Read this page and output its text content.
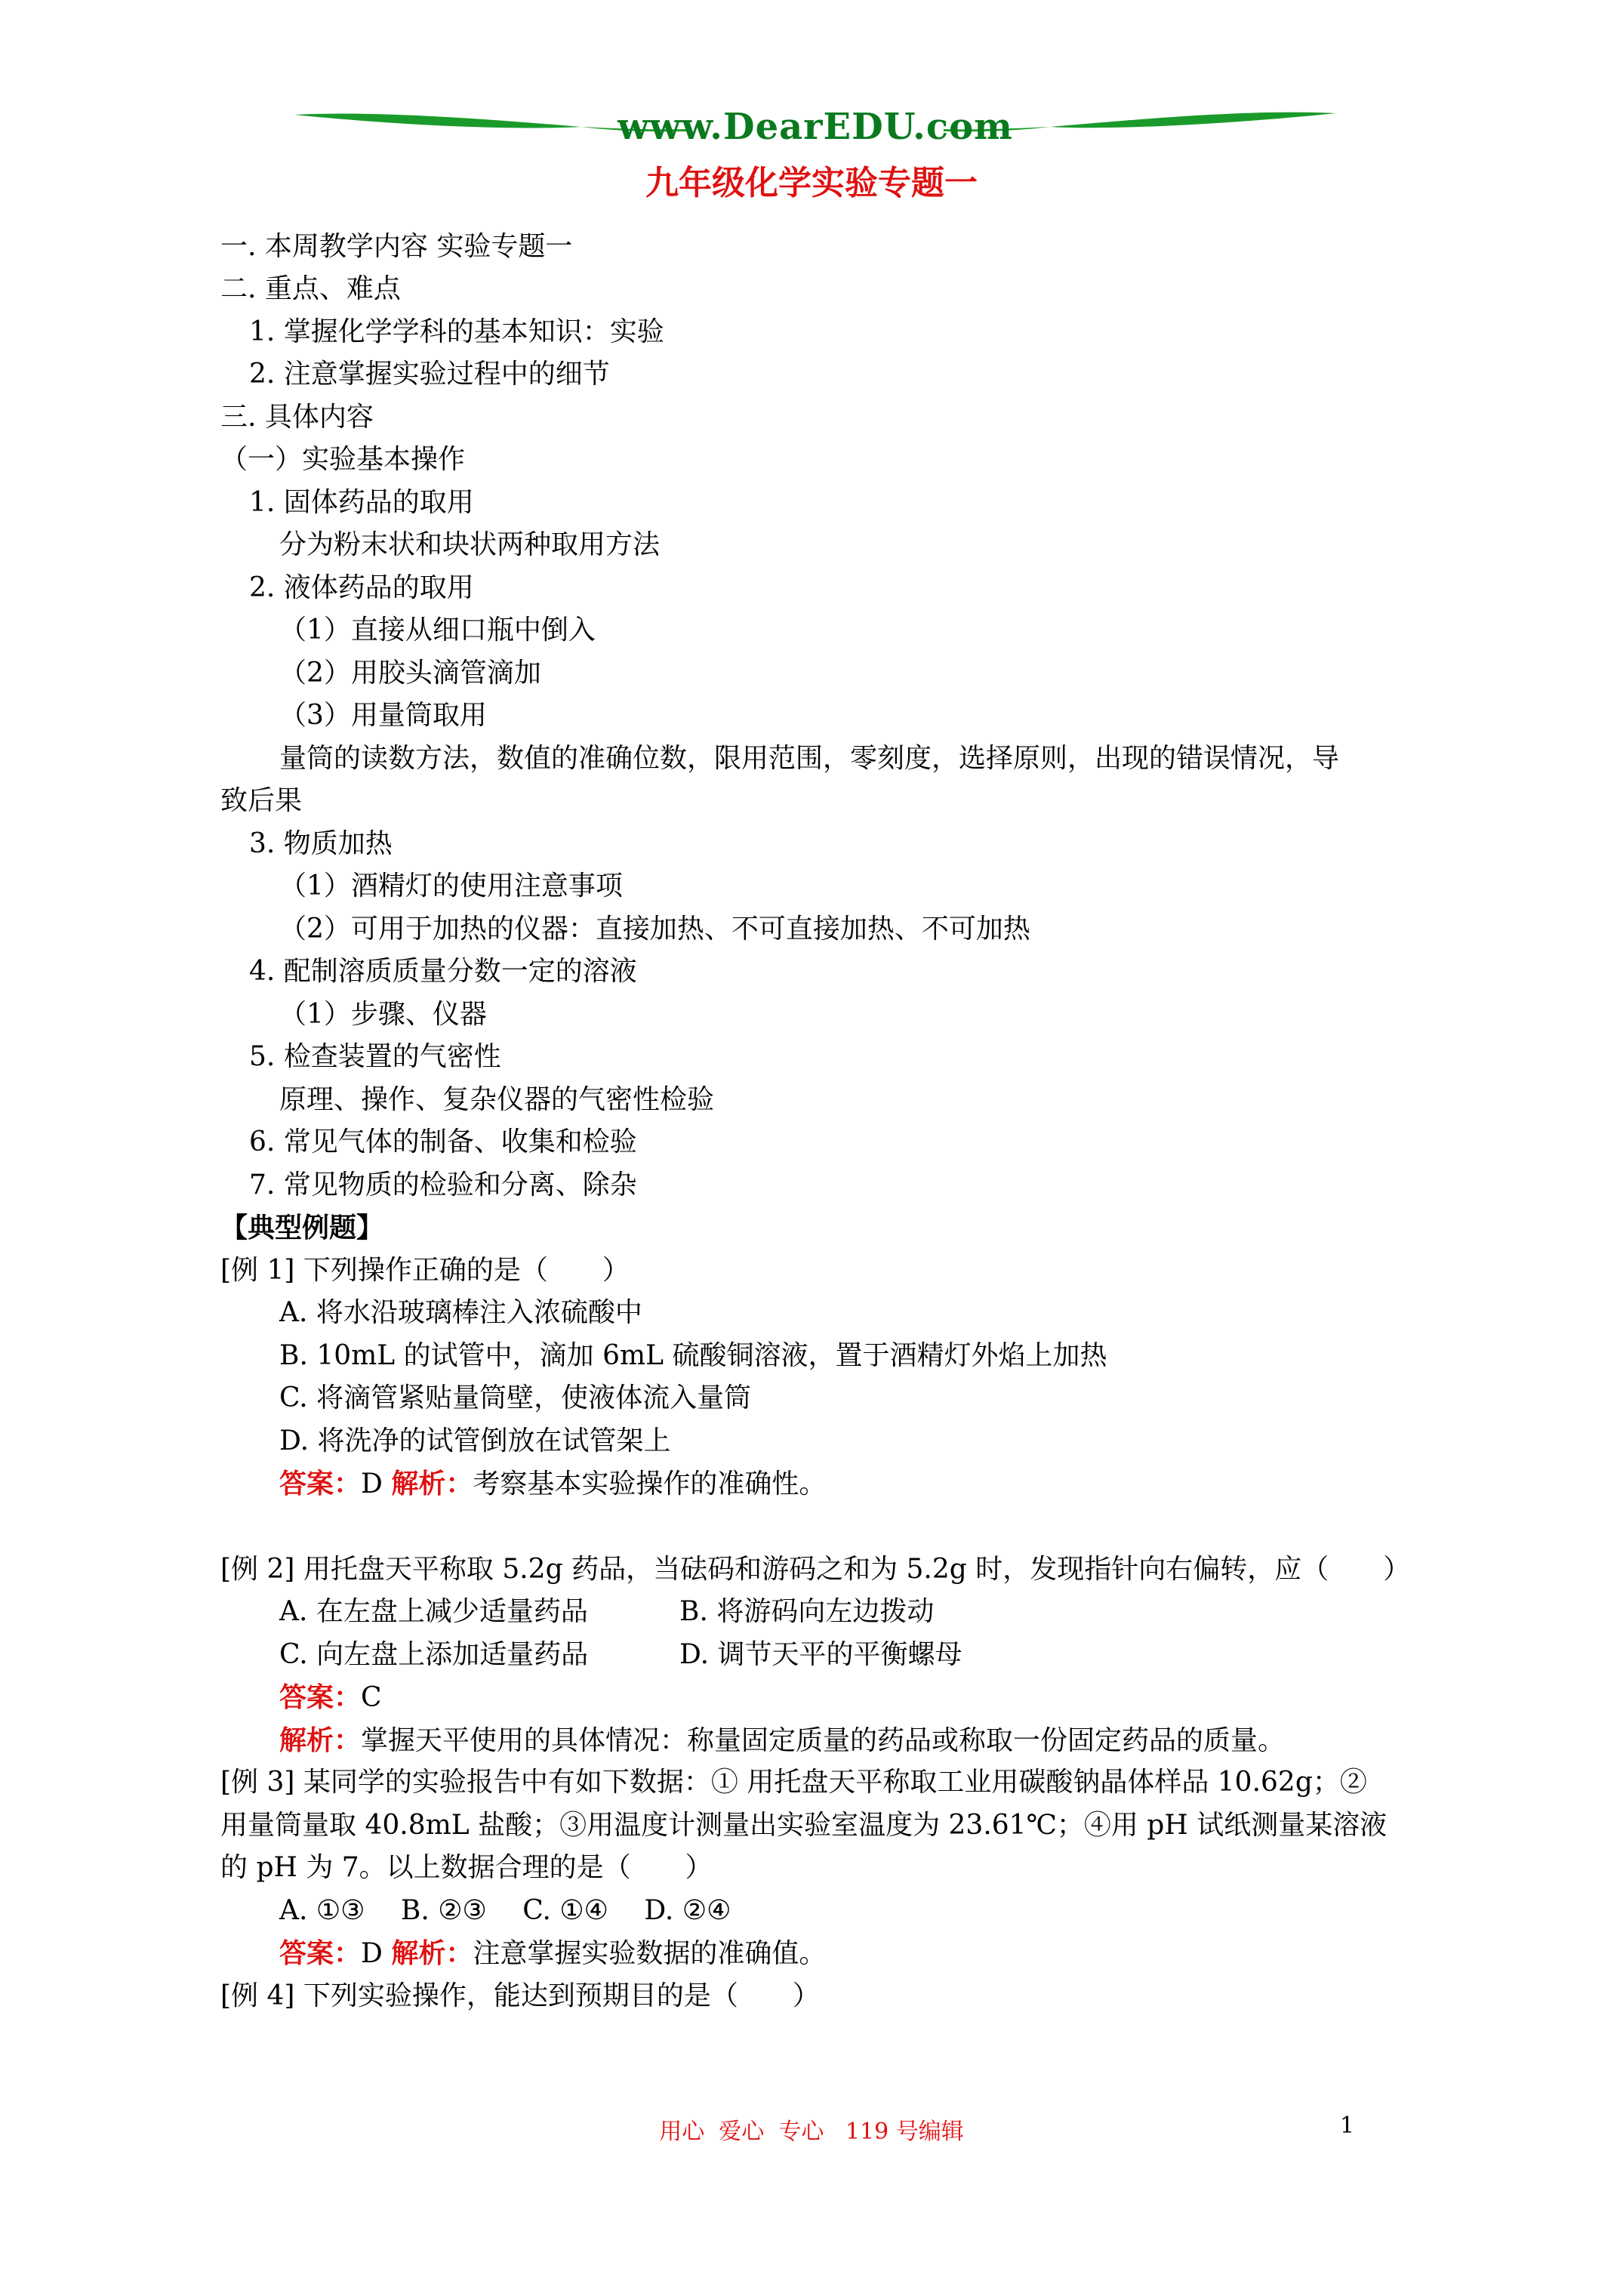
www.DearEDU.com
九年级化学实验专题一
一. 本周教学内容 实验专题一
二. 重点、难点
1. 掌握化学学科的基本知识：实验
2. 注意掌握实验过程中的细节
三. 具体内容
（一）实验基本操作
1. 固体药品的取用
分为粉末状和块状两种取用方法
2. 液体药品的取用
（1）直接从细口瓶中倒入
（2）用胶头滴管滴加
（3）用量筒取用
量筒的读数方法，数值的准确位数，限用范围，零刻度，选择原则，出现的错误情况，导
致后果
3. 物质加热
（1）酒精灯的使用注意事项
（2）可用于加热的仪器：直接加热、不可直接加热、不可加热
4. 配制溶质质量分数一定的溶液
（1）步骤、仪器
5. 检查装置的气密性
原理、操作、复杂仪器的气密性检验
6. 常见气体的制备、收集和检验
7. 常见物质的检验和分离、除杂
【典型例题】
[例 1] 下列操作正确的是（　　）
A. 将水沿玻璃棒注入浓硫酸中
B. 10mL 的试管中，滴加 6mL 硫酸铜溶液，置于酒精灯外焰上加热
C. 将滴管紧贴量筒壁，使液体流入量筒
D. 将洗净的试管倒放在试管架上
答案：D 解析：考察基本实验操作的准确性。
[例 2] 用托盘天平称取 5.2g 药品，当砝码和游码之和为 5.2g 时，发现指针向右偏转，应（　　）
A. 在左盘上减少适量药品	B. 将游码向左边拨动
C. 向左盘上添加适量药品	D. 调节天平的平衡螺母
答案：C
解析：掌握天平使用的具体情况：称量固定质量的药品或称取一份固定药品的质量。
[例 3] 某同学的实验报告中有如下数据：① 用托盘天平称取工业用碳酸钠晶体样品 10.62g；②
用量筒量取 40.8mL 盐酸；③用温度计测量出实验室温度为 23.61℃；④用 pH 试纸测量某溶液
的 pH 为 7。以上数据合理的是（　　）
A. ①③　 B. ②③　 C. ①④　 D. ②④
答案：D 解析：注意掌握实验数据的准确值。
[例 4] 下列实验操作，能达到预期目的是（　　）
用心  爱心  专心   119 号编辑	1
